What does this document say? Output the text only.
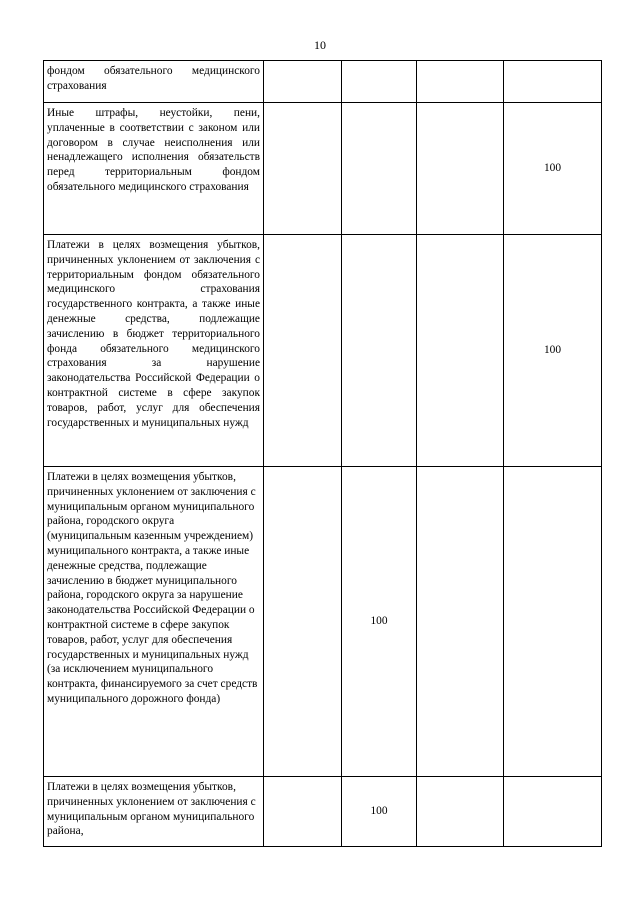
10
фондом обязательного медицинского страхования				
Иные штрафы, неустойки, пени, уплаченные в соответствии с законом или договором в случае неисполнения или ненадлежащего исполнения обязательств перед территориальным фондом обязательного медицинского страхования				100
Платежи в целях возмещения убытков, причиненных уклонением от заключения с территориальным фондом обязательного медицинского страхования государственного контракта, а также иные денежные средства, подлежащие зачислению в бюджет территориального фонда обязательного медицинского страхования за нарушение законодательства Российской Федерации о контрактной системе в сфере закупок товаров, работ, услуг для обеспечения государственных и муниципальных нужд				100
Платежи в целях возмещения убытков, причиненных уклонением от заключения с муниципальным органом муниципального района, городского округа (муниципальным казенным учреждением) муниципального контракта, а также иные денежные средства, подлежащие зачислению в бюджет муниципального района, городского округа за нарушение законодательства Российской Федерации о контрактной системе в сфере закупок товаров, работ, услуг для обеспечения государственных и муниципальных нужд (за исключением муниципального контракта, финансируемого за счет средств муниципального дорожного фонда)		100		
Платежи в целях возмещения убытков, причиненных уклонением от заключения с муниципальным органом муниципального района,		100		
